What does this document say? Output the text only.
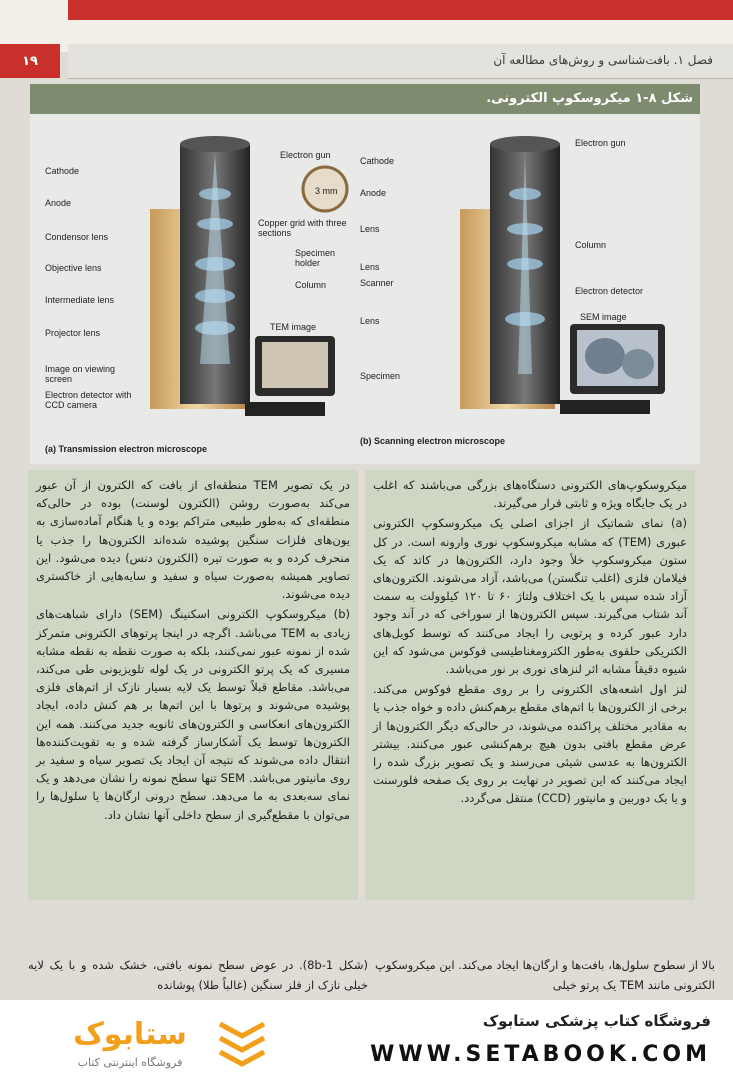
۱۹	فصل ۱. بافت‌شناسی و روش‌های مطالعه آن
شکل ۸-۱ میکروسکوپ الکترونی.
Cathode
Anode
Condensor lens
Objective lens
Intermediate lens
Projector lens
Image on viewing screen
Electron detector with CCD camera
Electron gun
3 mm
Copper grid with three sections
Specimen holder
Column
TEM image
(a) Transmission electron microscope
Cathode
Anode
Lens
Lens
Scanner
Lens
Specimen
Electron gun
Column
Electron detector
SEM image
(b) Scanning electron microscope

میکروسکوپ‌های الکترونی دستگاه‌های بزرگی می‌باشند که اغلب در یک جایگاه ویژه و ثابتی قرار می‌گیرند.

(a) نمای شماتیک از اجزای اصلی یک میکروسکوپ الکترونی عبوری (TEM) که مشابه میکروسکوپ نوری وارونه است. در کل ستون میکروسکوپ خلأ وجود دارد، الکترون‌ها در کاتد که یک فیلامان فلزی (اغلب تنگستن) می‌باشد، آزاد می‌شوند. الکترون‌های آزاد شده سپس با یک اختلاف ولتاژ ۶۰ تا ۱۲۰ کیلوولت به سمت آند شتاب می‌گیرند. سپس الکترون‌ها از سوراخی که در آند وجود دارد عبور کرده و پرتویی را ایجاد می‌کنند که توسط کویل‌های الکتریکی حلقوی به‌طور الکترومغناطیسی فوکوس می‌شود که این شیوه دقیقاً مشابه اثر لنزهای نوری بر نور می‌باشد.

لنز اول اشعه‌های الکترونی را بر روی مقطع فوکوس می‌کند. برخی از الکترون‌ها با اتم‌های مقطع برهم‌کنش داده و خواه جذب یا به مقادیر مختلف پراکنده می‌شوند، در حالی‌که دیگر الکترون‌ها از عرض مقطع بافتی بدون هیچ برهم‌کنشی عبور می‌کنند. بیشتر الکترون‌ها به عدسی شیئی می‌رسند و یک تصویر بزرگ شده را ایجاد می‌کنند که این تصویر در نهایت بر روی یک صفحه فلورسنت و یا یک دوربین و مانیتور (CCD) منتقل می‌گردد.

در یک تصویر TEM منطقه‌ای از بافت که الکترون از آن عبور می‌کند به‌صورت روشن (الکترون لوسنت) بوده در حالی‌که منطقه‌ای که به‌طور طبیعی متراکم بوده و یا هنگام آماده‌سازی به یون‌های فلزات سنگین پوشیده شده‌اند الکترون‌ها را جذب یا منحرف کرده و به صورت تیره (الکترون دنس) دیده می‌شود. این تصاویر همیشه به‌صورت سیاه و سفید و سایه‌هایی از خاکستری دیده می‌شوند.

(b) میکروسکوپ الکترونی اسکنینگ (SEM) دارای شباهت‌های زیادی به TEM می‌باشد. اگرچه در اینجا پرتوهای الکترونی متمرکز شده از نمونه عبور نمی‌کنند، بلکه به صورت نقطه به نقطه مشابه مسیری که یک پرتو الکترونی در یک لوله تلویزیونی طی می‌کند، می‌باشد. مقاطع قبلاً توسط یک لایه بسیار نازک از اتم‌های فلزی پوشیده می‌شوند و پرتوها با این اتم‌ها بر هم کنش داده، ایجاد الکترون‌های انعکاسی و الکترون‌های ثانویه جدید می‌کنند. همه این الکترون‌ها توسط یک آشکارساز گرفته شده و به تقویت‌کننده‌ها انتقال داده می‌شوند که نتیجه آن ایجاد یک تصویر سیاه و سفید بر روی مانیتور می‌باشد. SEM تنها سطح نمونه را نشان می‌دهد و یک نمای سه‌بعدی به ما می‌دهد. سطح درونی ارگان‌ها یا سلول‌ها را می‌توان با مقطع‌گیری از سطح داخلی آنها نشان داد.

بالا از سطوح سلول‌ها، بافت‌ها و ارگان‌ها ایجاد می‌کند. این میکروسکوپ الکترونی مانند TEM یک پرتو خیلی
(شکل ‎8b-1‎). در عوض سطح نمونه بافتی، خشک شده و با یک لایه خیلی نازک از فلز سنگین (غالباً طلا) پوشانده
ستابوک
فروشگاه اینترنتی کتاب
فروشگاه کتاب پزشکی ستابوک
WWW.SETABOOK.COM
